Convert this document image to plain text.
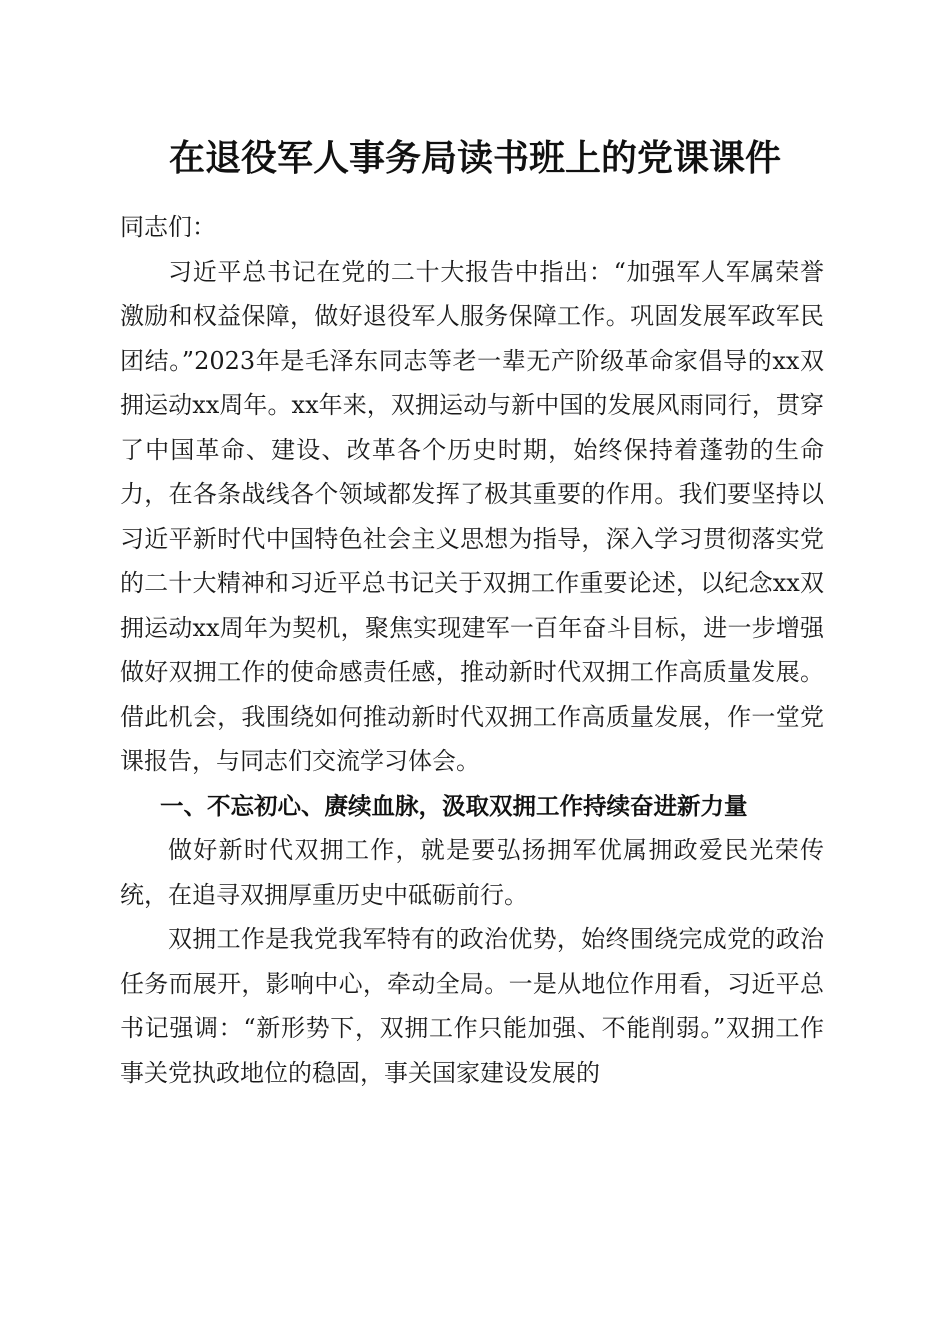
在退役军人事务局读书班上的党课课件

同志们：

习近平总书记在党的二十大报告中指出：“加强军人军属荣誉激励和权益保障，做好退役军人服务保障工作。巩固发展军政军民团结。”2023年是毛泽东同志等老一辈无产阶级革命家倡导的xx双拥运动xx周年。xx年来，双拥运动与新中国的发展风雨同行，贯穿了中国革命、建设、改革各个历史时期，始终保持着蓬勃的生命力，在各条战线各个领域都发挥了极其重要的作用。我们要坚持以习近平新时代中国特色社会主义思想为指导，深入学习贯彻落实党的二十大精神和习近平总书记关于双拥工作重要论述，以纪念xx双拥运动xx周年为契机，聚焦实现建军一百年奋斗目标，进一步增强做好双拥工作的使命感责任感，推动新时代双拥工作高质量发展。借此机会，我围绕如何推动新时代双拥工作高质量发展，作一堂党课报告，与同志们交流学习体会。

一、不忘初心、赓续血脉，汲取双拥工作持续奋进新力量

做好新时代双拥工作，就是要弘扬拥军优属拥政爱民光荣传统，在追寻双拥厚重历史中砥砺前行。

双拥工作是我党我军特有的政治优势，始终围绕完成党的政治任务而展开，影响中心，牵动全局。一是从地位作用看，习近平总书记强调：“新形势下，双拥工作只能加强、不能削弱。”双拥工作事关党执政地位的稳固，事关国家建设发展的
